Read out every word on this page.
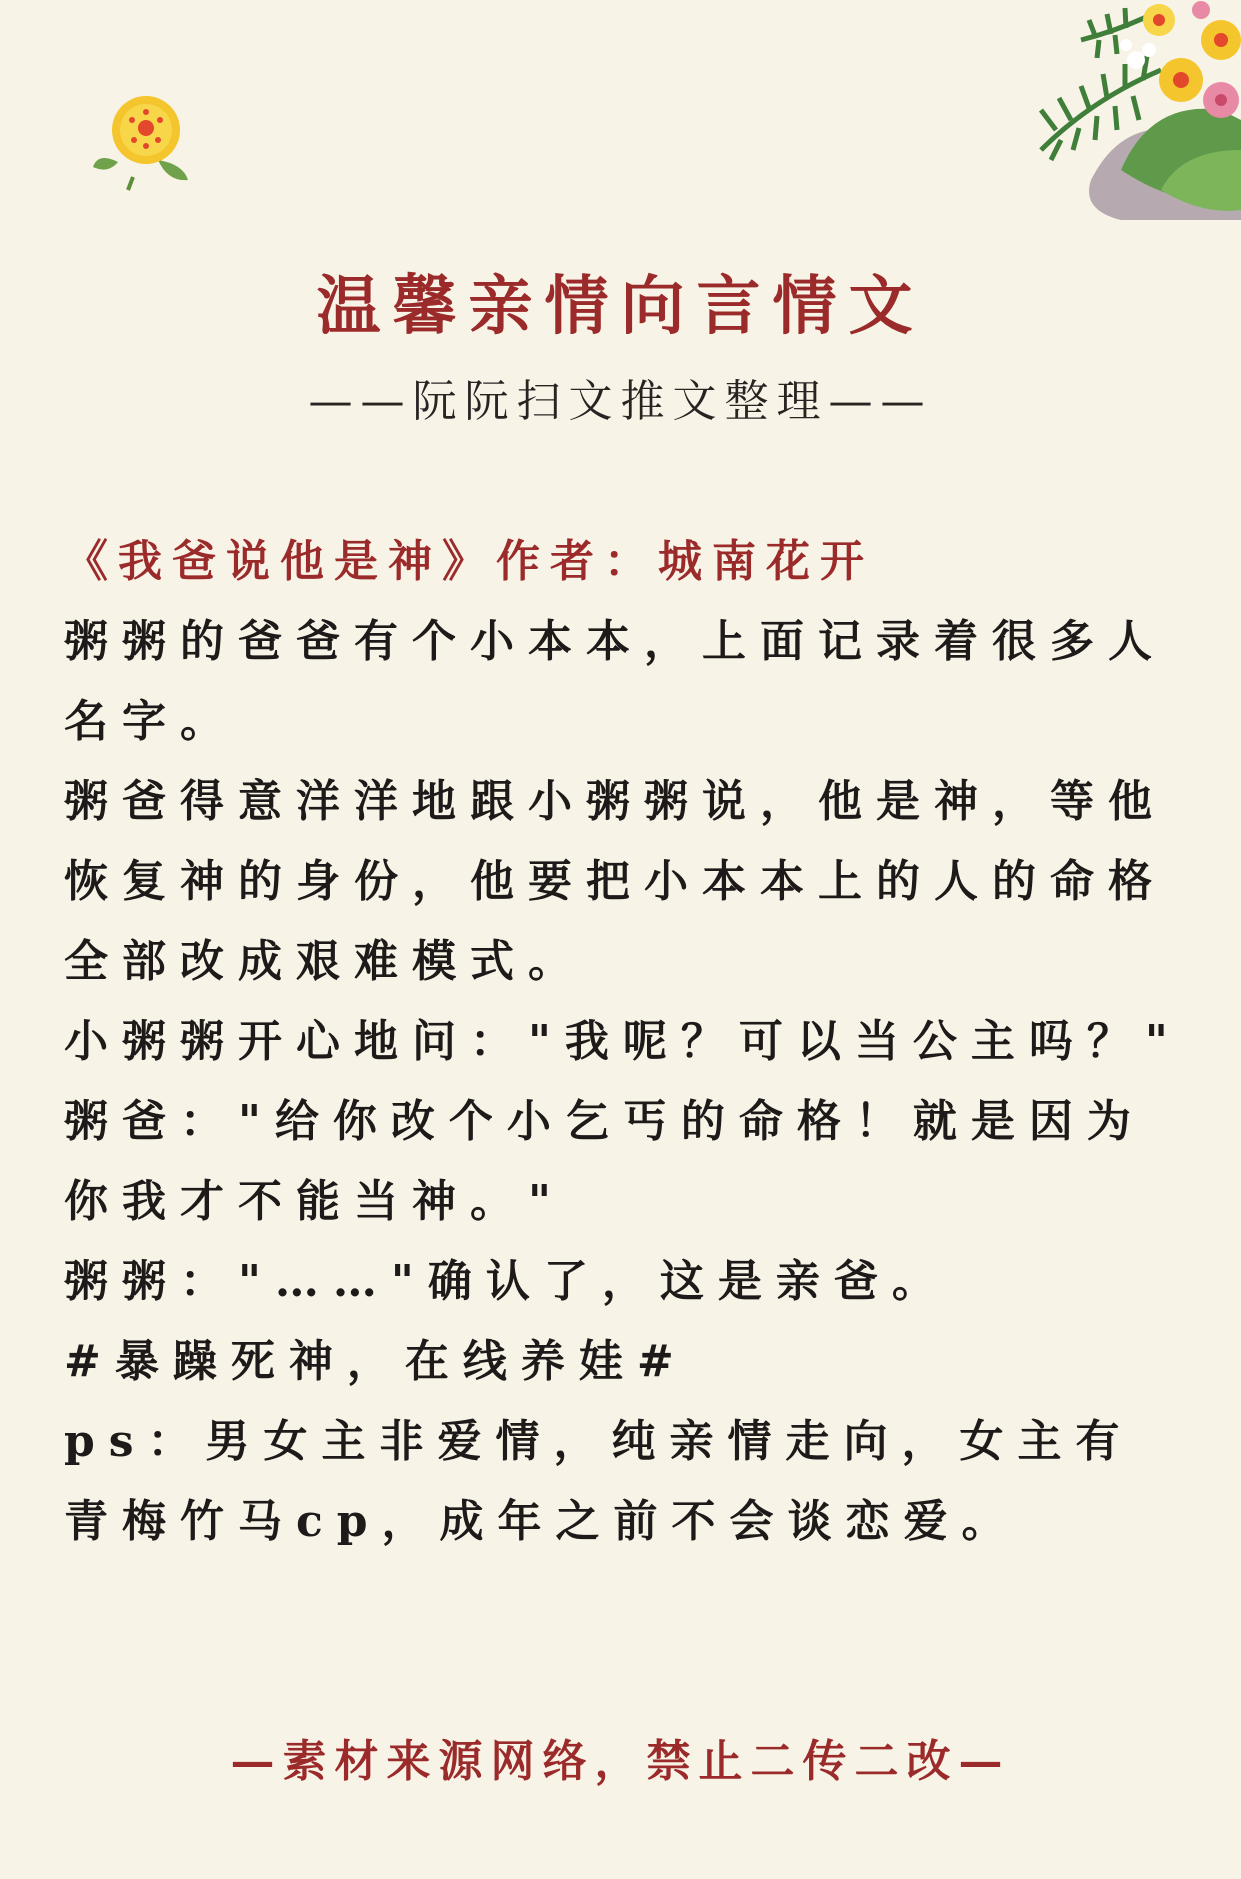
温馨亲情向言情文
——阮阮扫文推文整理——

《我爸说他是神》作者：城南花开

粥粥的爸爸有个小本本，上面记录着很多人名字。

粥爸得意洋洋地跟小粥粥说，他是神，等他恢复神的身份，他要把小本本上的人的命格全部改成艰难模式。

小粥粥开心地问："我呢？可以当公主吗？"

粥爸："给你改个小乞丐的命格！就是因为你我才不能当神。"

粥粥："……"确认了，这是亲爸。

#暴躁死神，在线养娃#

ps：男女主非爱情，纯亲情走向，女主有青梅竹马cp，成年之前不会谈恋爱。

—素材来源网络，禁止二传二改—
